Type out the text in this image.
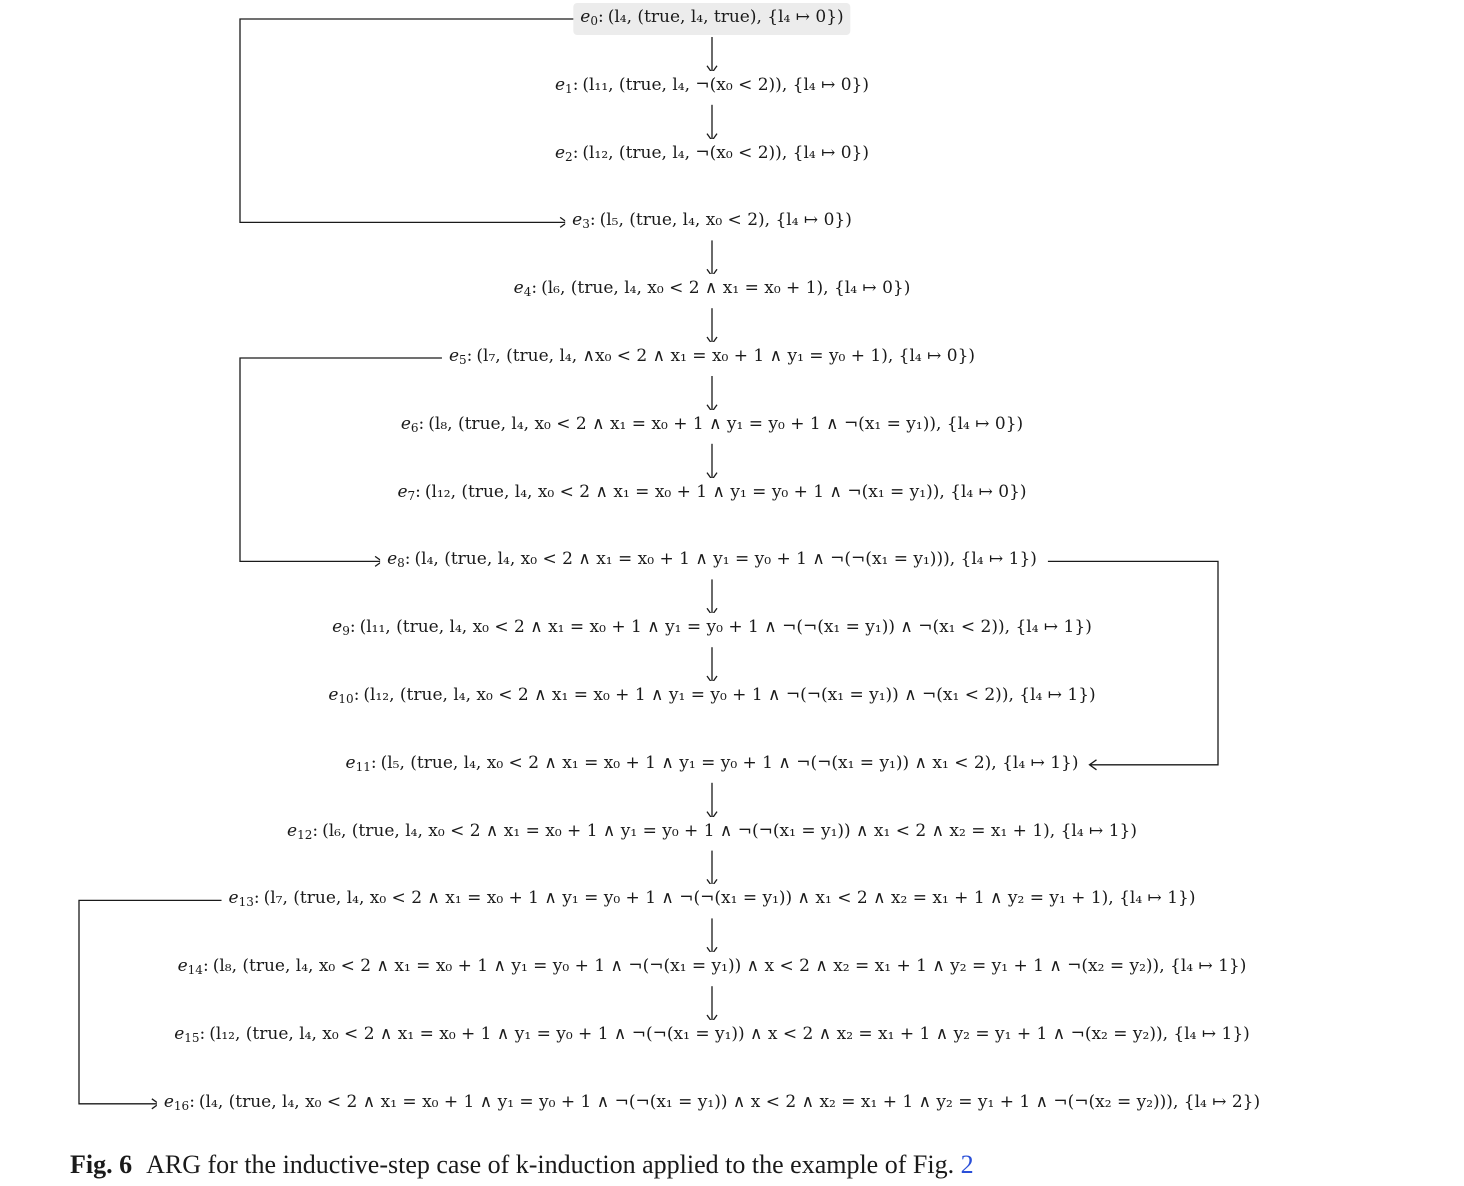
$e_0$: (l₄, (true, l₄, true), {l₄ ↦ 0})
$e_1$: (l₁₁, (true, l₄, ¬(x₀ < 2)), {l₄ ↦ 0})
$e_2$: (l₁₂, (true, l₄, ¬(x₀ < 2)), {l₄ ↦ 0})
$e_3$: (l₅, (true, l₄, x₀ < 2), {l₄ ↦ 0})
$e_4$: (l₆, (true, l₄, x₀ < 2 ∧ x₁ = x₀ + 1), {l₄ ↦ 0})
$e_5$: (l₇, (true, l₄, ∧x₀ < 2 ∧ x₁ = x₀ + 1 ∧ y₁ = y₀ + 1), {l₄ ↦ 0})
$e_6$: (l₈, (true, l₄, x₀ < 2 ∧ x₁ = x₀ + 1 ∧ y₁ = y₀ + 1 ∧ ¬(x₁ = y₁)), {l₄ ↦ 0})
$e_7$: (l₁₂, (true, l₄, x₀ < 2 ∧ x₁ = x₀ + 1 ∧ y₁ = y₀ + 1 ∧ ¬(x₁ = y₁)), {l₄ ↦ 0})
$e_8$: (l₄, (true, l₄, x₀ < 2 ∧ x₁ = x₀ + 1 ∧ y₁ = y₀ + 1 ∧ ¬(¬(x₁ = y₁))), {l₄ ↦ 1})
$e_9$: (l₁₁, (true, l₄, x₀ < 2 ∧ x₁ = x₀ + 1 ∧ y₁ = y₀ + 1 ∧ ¬(¬(x₁ = y₁)) ∧ ¬(x₁ < 2)), {l₄ ↦ 1})
$e_{10}$: (l₁₂, (true, l₄, x₀ < 2 ∧ x₁ = x₀ + 1 ∧ y₁ = y₀ + 1 ∧ ¬(¬(x₁ = y₁)) ∧ ¬(x₁ < 2)), {l₄ ↦ 1})
$e_{11}$: (l₅, (true, l₄, x₀ < 2 ∧ x₁ = x₀ + 1 ∧ y₁ = y₀ + 1 ∧ ¬(¬(x₁ = y₁)) ∧ x₁ < 2), {l₄ ↦ 1})
$e_{12}$: (l₆, (true, l₄, x₀ < 2 ∧ x₁ = x₀ + 1 ∧ y₁ = y₀ + 1 ∧ ¬(¬(x₁ = y₁)) ∧ x₁ < 2 ∧ x₂ = x₁ + 1), {l₄ ↦ 1})
$e_{13}$: (l₇, (true, l₄, x₀ < 2 ∧ x₁ = x₀ + 1 ∧ y₁ = y₀ + 1 ∧ ¬(¬(x₁ = y₁)) ∧ x₁ < 2 ∧ x₂ = x₁ + 1 ∧ y₂ = y₁ + 1), {l₄ ↦ 1})
$e_{14}$: (l₈, (true, l₄, x₀ < 2 ∧ x₁ = x₀ + 1 ∧ y₁ = y₀ + 1 ∧ ¬(¬(x₁ = y₁)) ∧ x < 2 ∧ x₂ = x₁ + 1 ∧ y₂ = y₁ + 1 ∧ ¬(x₂ = y₂)), {l₄ ↦ 1})
$e_{15}$: (l₁₂, (true, l₄, x₀ < 2 ∧ x₁ = x₀ + 1 ∧ y₁ = y₀ + 1 ∧ ¬(¬(x₁ = y₁)) ∧ x < 2 ∧ x₂ = x₁ + 1 ∧ y₂ = y₁ + 1 ∧ ¬(x₂ = y₂)), {l₄ ↦ 1})
$e_{16}$: (l₄, (true, l₄, x₀ < 2 ∧ x₁ = x₀ + 1 ∧ y₁ = y₀ + 1 ∧ ¬(¬(x₁ = y₁)) ∧ x < 2 ∧ x₂ = x₁ + 1 ∧ y₂ = y₁ + 1 ∧ ¬(¬(x₂ = y₂))), {l₄ ↦ 2})
Fig. 6 ARG for the inductive-step case of k-induction applied to the example of Fig. 2
